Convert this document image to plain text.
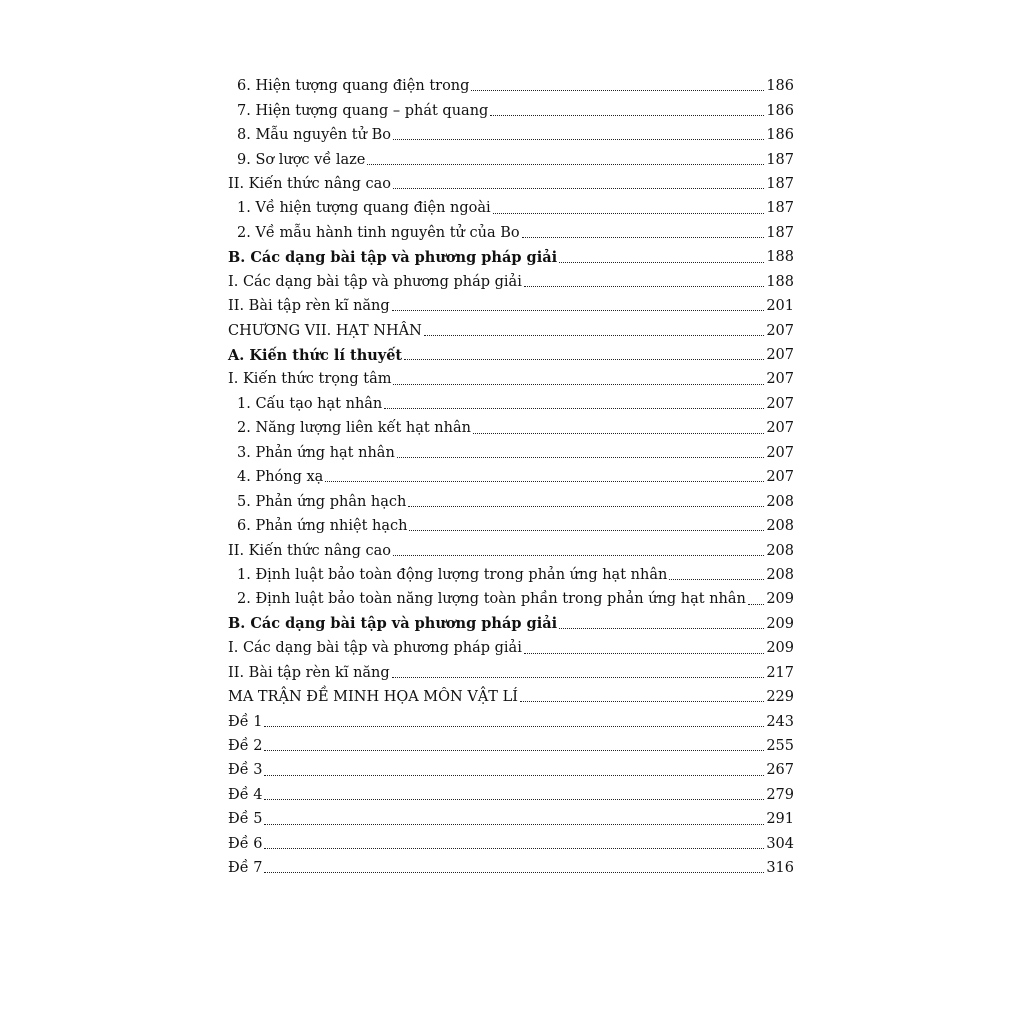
6. Hiện tượng quang điện trong	186
7. Hiện tượng quang – phát quang	186
8. Mẫu nguyên tử Bo	186
9. Sơ lược về laze	187
II. Kiến thức nâng cao	187
1. Về hiện tượng quang điện ngoài	187
2. Về mẫu hành tinh nguyên tử của Bo	187
B. Các dạng bài tập và phương pháp giải	188
I. Các dạng bài tập và phương pháp giải	188
II. Bài tập rèn kĩ năng	201
CHƯƠNG VII. HẠT NHÂN	207
A. Kiến thức lí thuyết	207
I. Kiến thức trọng tâm	207
1. Cấu tạo hạt nhân	207
2. Năng lượng liên kết hạt nhân	207
3. Phản ứng hạt nhân	207
4. Phóng xạ	207
5. Phản ứng phân hạch	208
6. Phản ứng nhiệt hạch	208
II. Kiến thức nâng cao	208
1. Định luật bảo toàn động lượng trong phản ứng hạt nhân	208
2. Định luật bảo toàn năng lượng toàn phần trong phản ứng hạt nhân 209
B. Các dạng bài tập và phương pháp giải	209
I. Các dạng bài tập và phương pháp giải	209
II. Bài tập rèn kĩ năng	217
MA TRẬN ĐỀ MINH HỌA MÔN VẬT LÍ	229
Đề 1	243
Đề 2	255
Đề 3	267
Đề 4	279
Đề 5	291
Đề 6	304
Đề 7	316
